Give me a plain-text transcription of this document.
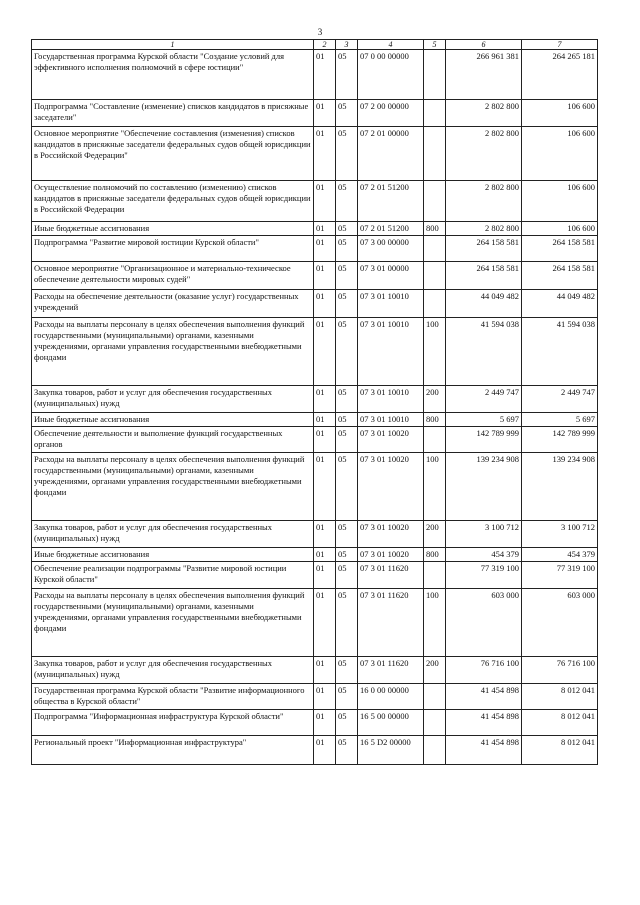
3
1	2	3	4	5	6	7
Государственная программа Курской области "Создание условий для эффективного исполнения полномочий в сфере юстиции"	01	05	07 0 00 00000		266 961 381	264 265 181
Подпрограмма "Составление (изменение) списков кандидатов в присяжные заседатели"	01	05	07 2 00 00000		2 802 800	106 600
Основное мероприятие "Обеспечение составления (изменения) списков кандидатов в присяжные заседатели федеральных судов общей юрисдикции в Российской Федерации"	01	05	07 2 01 00000		2 802 800	106 600
Осуществление полномочий по составлению (изменению) списков кандидатов в присяжные заседатели федеральных судов общей юрисдикции в Российской Федерации	01	05	07 2 01 51200		2 802 800	106 600
Иные бюджетные ассигнования	01	05	07 2 01 51200	800	2 802 800	106 600
Подпрограмма "Развитие мировой юстиции Курской области"	01	05	07 3 00 00000		264 158 581	264 158 581
Основное мероприятие "Организационное и материально-техническое обеспечение деятельности мировых судей"	01	05	07 3 01 00000		264 158 581	264 158 581
Расходы на обеспечение деятельности (оказание услуг) государственных учреждений	01	05	07 3 01 10010		44 049 482	44 049 482
Расходы на выплаты персоналу в целях обеспечения выполнения функций государственными (муниципальными) органами, казенными учреждениями, органами управления государственными внебюджетными фондами	01	05	07 3 01 10010	100	41 594 038	41 594 038
Закупка товаров, работ и услуг для обеспечения государственных (муниципальных) нужд	01	05	07 3 01 10010	200	2 449 747	2 449 747
Иные бюджетные ассигнования	01	05	07 3 01 10010	800	5 697	5 697
Обеспечение деятельности и выполнение функций государственных органов	01	05	07 3 01 10020		142 789 999	142 789 999
Расходы на выплаты персоналу в целях обеспечения выполнения функций государственными (муниципальными) органами, казенными учреждениями, органами управления государственными внебюджетными фондами	01	05	07 3 01 10020	100	139 234 908	139 234 908
Закупка товаров, работ и услуг для обеспечения государственных (муниципальных) нужд	01	05	07 3 01 10020	200	3 100 712	3 100 712
Иные бюджетные ассигнования	01	05	07 3 01 10020	800	454 379	454 379
Обеспечение реализации подпрограммы "Развитие мировой юстиции Курской области"	01	05	07 3 01 11620		77 319 100	77 319 100
Расходы на выплаты персоналу в целях обеспечения выполнения функций государственными (муниципальными) органами, казенными учреждениями, органами управления государственными внебюджетными фондами	01	05	07 3 01 11620	100	603 000	603 000
Закупка товаров, работ и услуг для обеспечения государственных (муниципальных) нужд	01	05	07 3 01 11620	200	76 716 100	76 716 100
Государственная программа Курской области "Развитие информационного общества в Курской области"	01	05	16 0 00 00000		41 454 898	8 012 041
Подпрограмма "Информационная инфраструктура Курской области"	01	05	16 5 00 00000		41 454 898	8 012 041
Региональный проект "Информационная инфраструктура"	01	05	16 5 D2 00000		41 454 898	8 012 041
